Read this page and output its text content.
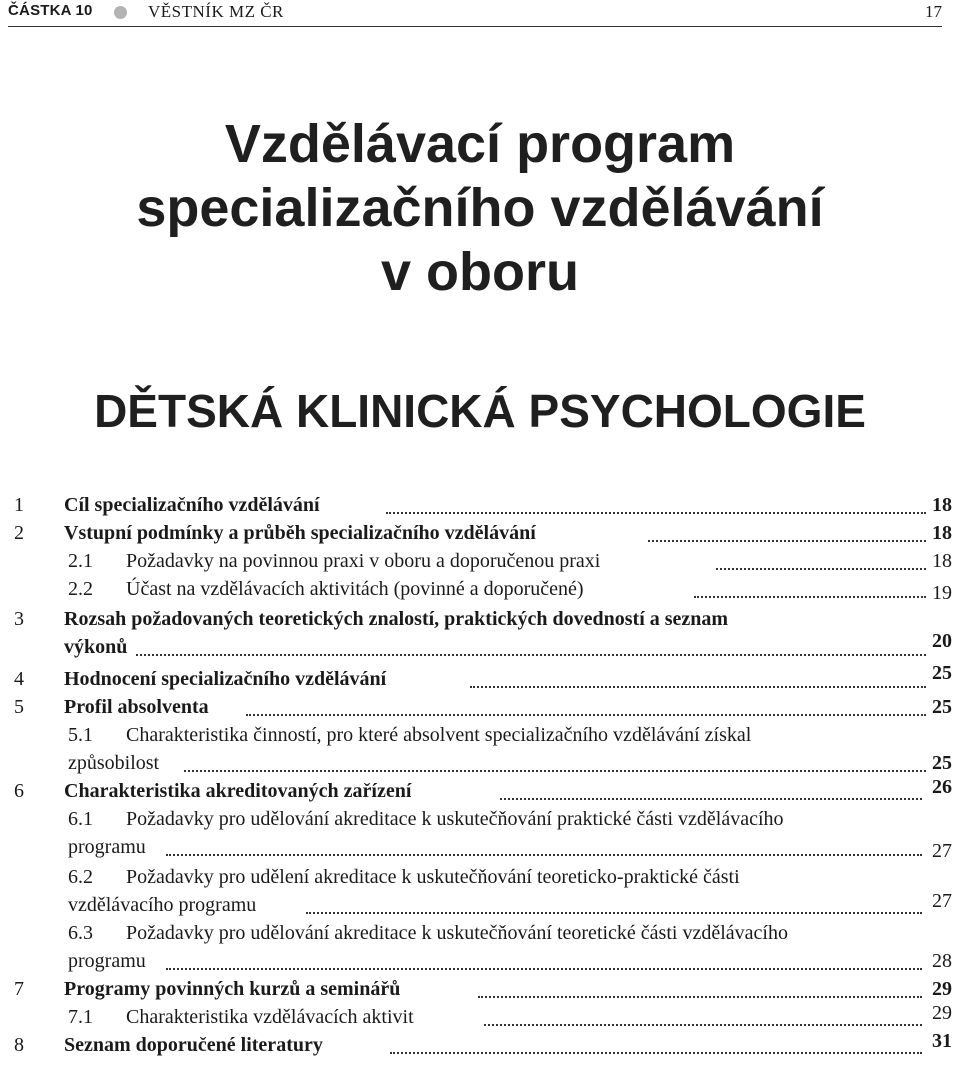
ČÁSTKA 10	VĚSTNÍK MZ ČR	17
Vzdělávací program
specializačního vzdělávání
v oboru
DĚTSKÁ KLINICKÁ PSYCHOLOGIE
1 Cíl specializačního vzdělávání	18
2 Vstupní podmínky a průběh specializačního vzdělávání	18
2.1 Požadavky na povinnou praxi v oboru a doporučenou praxi	18
2.2 Účast na vzdělávacích aktivitách (povinné a doporučené)	19
3 Rozsah požadovaných teoretických znalostí, praktických dovedností a seznam
výkonů	20
4 Hodnocení specializačního vzdělávání	25
5 Profil absolventa	25
5.1 Charakteristika činností, pro které absolvent specializačního vzdělávání získal
způsobilost	25
6 Charakteristika akreditovaných zařízení	26
6.1 Požadavky pro udělování akreditace k uskutečňování praktické části vzdělávacího
programu	27
6.2 Požadavky pro udělení akreditace k uskutečňování teoreticko-praktické části
vzdělávacího programu	27
6.3 Požadavky pro udělování akreditace k uskutečňování teoretické části vzdělávacího
programu	28
7 Programy povinných kurzů a seminářů	29
7.1 Charakteristika vzdělávacích aktivit	29
8 Seznam doporučené literatury	31
